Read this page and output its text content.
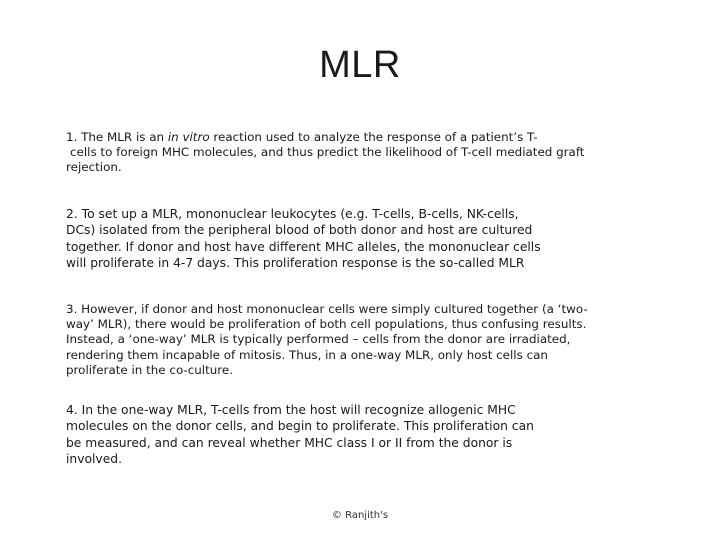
MLR

1. The MLR is an in vitro reaction used to analyze the response of a patient’s T-
cells to foreign MHC molecules, and thus predict the likelihood of T-cell mediated graft
rejection.

2. To set up a MLR, mononuclear leukocytes (e.g. T-cells, B-cells, NK-cells,
DCs) isolated from the peripheral blood of both donor and host are cultured
together. If donor and host have different MHC alleles, the mononuclear cells
will proliferate in 4-7 days. This proliferation response is the so-called MLR

3. However, if donor and host mononuclear cells were simply cultured together (a ‘two-
way’ MLR), there would be proliferation of both cell populations, thus confusing results.
Instead, a ‘one-way’ MLR is typically performed – cells from the donor are irradiated,
rendering them incapable of mitosis. Thus, in a one-way MLR, only host cells can
proliferate in the co-culture.

4. In the one-way MLR, T-cells from the host will recognize allogenic MHC
molecules on the donor cells, and begin to proliferate. This proliferation can
be measured, and can reveal whether MHC class I or II from the donor is
involved.

© Ranjith's
